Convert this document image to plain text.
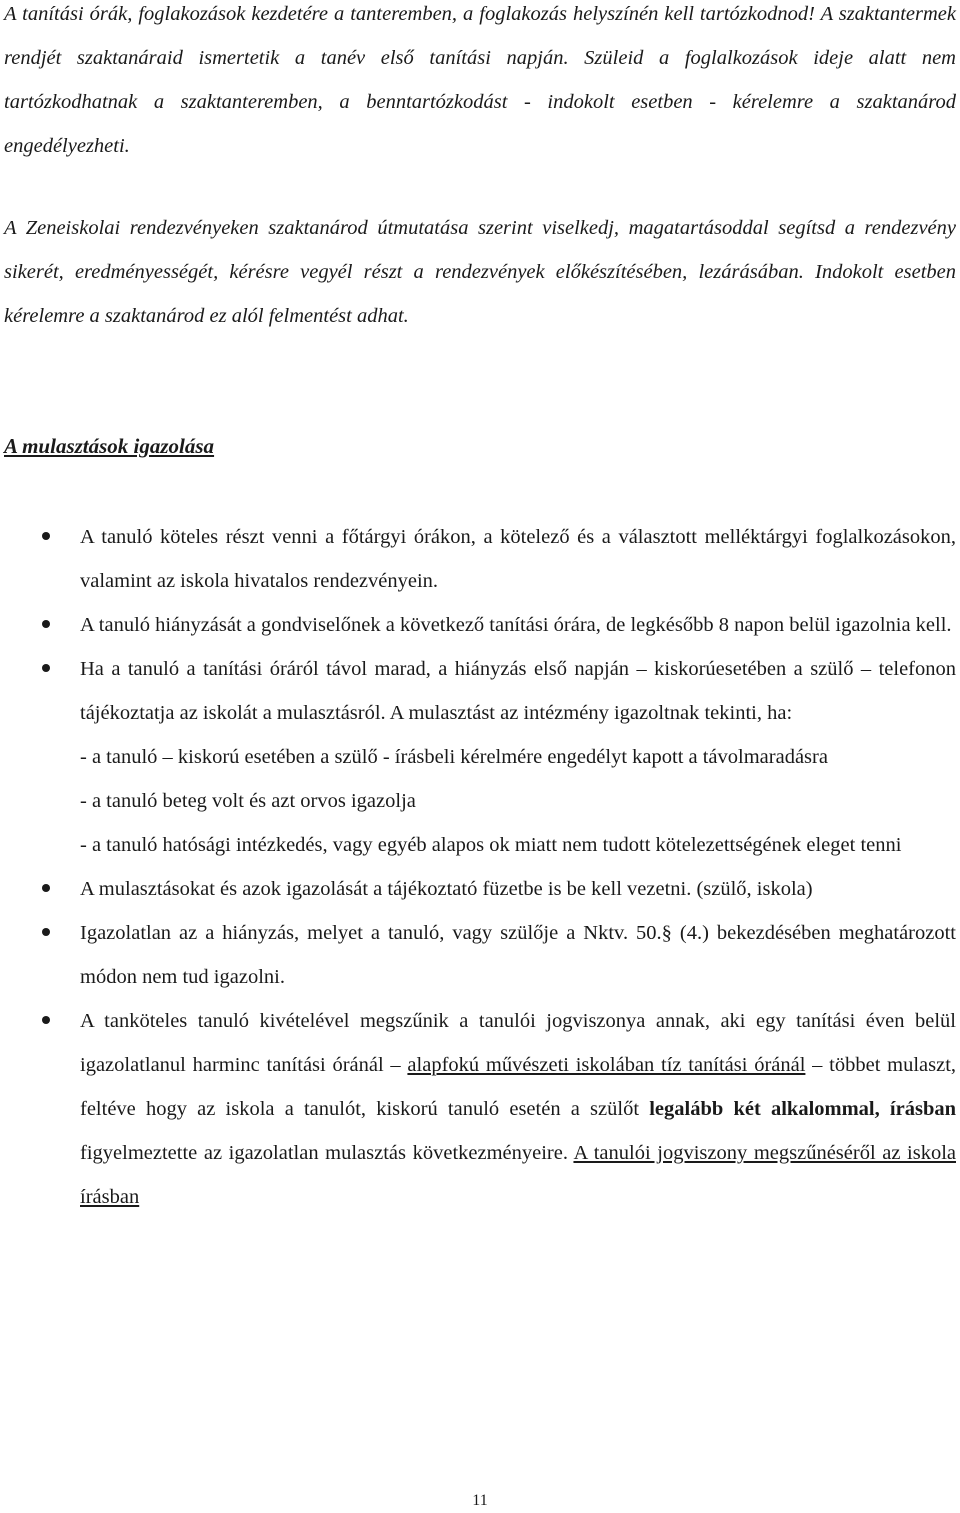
A tanítási órák, foglakozások kezdetére a tanteremben, a foglakozás helyszínén kell tartózkodnod! A szaktantermek rendjét szaktanáraid ismertetik a tanév első tanítási napján. Szüleid a foglalkozások ideje alatt nem tartózkodhatnak a szaktanteremben, a benntartózkodást - indokolt esetben - kérelemre a szaktanárod engedélyezheti.

A Zeneiskolai rendezvényeken szaktanárod útmutatása szerint viselkedj, magatartásoddal segítsd a rendezvény sikerét, eredményességét, kérésre vegyél részt a rendezvények előkészítésében, lezárásában. Indokolt esetben kérelemre a szaktanárod ez alól felmentést adhat.

A mulasztások igazolása
A tanuló köteles részt venni a főtárgyi órákon, a kötelező és a választott melléktárgyi foglalkozásokon, valamint az iskola hivatalos rendezvényein.
A tanuló hiányzását a gondviselőnek a következő tanítási órára, de legkésőbb 8 napon belül igazolnia kell.
Ha a tanuló a tanítási óráról távol marad, a hiányzás első napján – kiskorúesetében a szülő – telefonon tájékoztatja az iskolát a mulasztásról. A mulasztást az intézmény igazoltnak tekinti, ha:
- a tanuló – kiskorú esetében a szülő - írásbeli kérelmére engedélyt kapott a távolmaradásra
- a tanuló beteg volt és azt orvos igazolja
- a tanuló hatósági intézkedés, vagy egyéb alapos ok miatt nem tudott kötelezettségének eleget tenni
A mulasztásokat és azok igazolását a tájékoztató füzetbe is be kell vezetni. (szülő, iskola)
Igazolatlan az a hiányzás, melyet a tanuló, vagy szülője a Nktv. 50.§ (4.) bekezdésében meghatározott módon nem tud igazolni.
A tanköteles tanuló kivételével megszűnik a tanulói jogviszonya annak, aki egy tanítási éven belül igazolatlanul harminc tanítási óránál – alapfokú művészeti iskolában tíz tanítási óránál – többet mulaszt, feltéve hogy az iskola a tanulót, kiskorú tanuló esetén a szülőt legalább két alkalommal, írásban figyelmeztette az igazolatlan mulasztás következményeire. A tanulói jogviszony megszűnéséről az iskola írásban
11
